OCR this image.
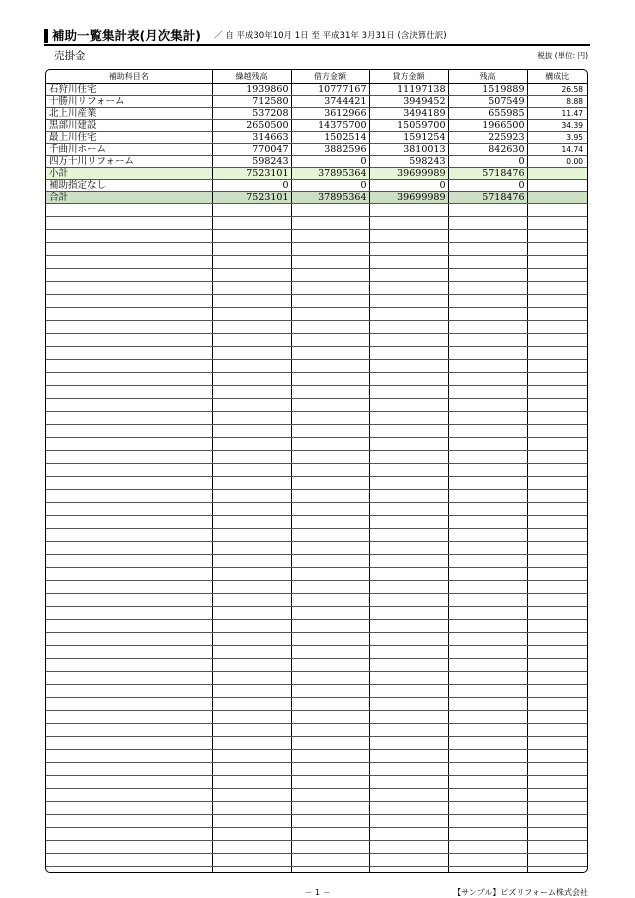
補助一覧集計表(月次集計) ／ 自 平成30年10月 1日 至 平成31年 3月31日 (含決算仕訳)
売掛金	税抜 (単位: 円)
補助科目名	繰越残高	借方金額	貸方金額	残高	構成比
石狩川住宅	1939860	10777167	11197138	1519889	26.58
十勝川リフォーム	712580	3744421	3949452	507549	8.88
北上川産業	537208	3612966	3494189	655985	11.47
黒部川建設	2650500	14375700	15059700	1966500	34.39
最上川住宅	314663	1502514	1591254	225923	3.95
千曲川ホーム	770047	3882596	3810013	842630	14.74
四万十川リフォーム	598243	0	598243	0	0.00
小計	7523101	37895364	39699989	5718476	
補助指定なし	0	0	0	0	
合計	7523101	37895364	39699989	5718476	

－ 1 －	【サンプル】ビズリフォーム株式会社
